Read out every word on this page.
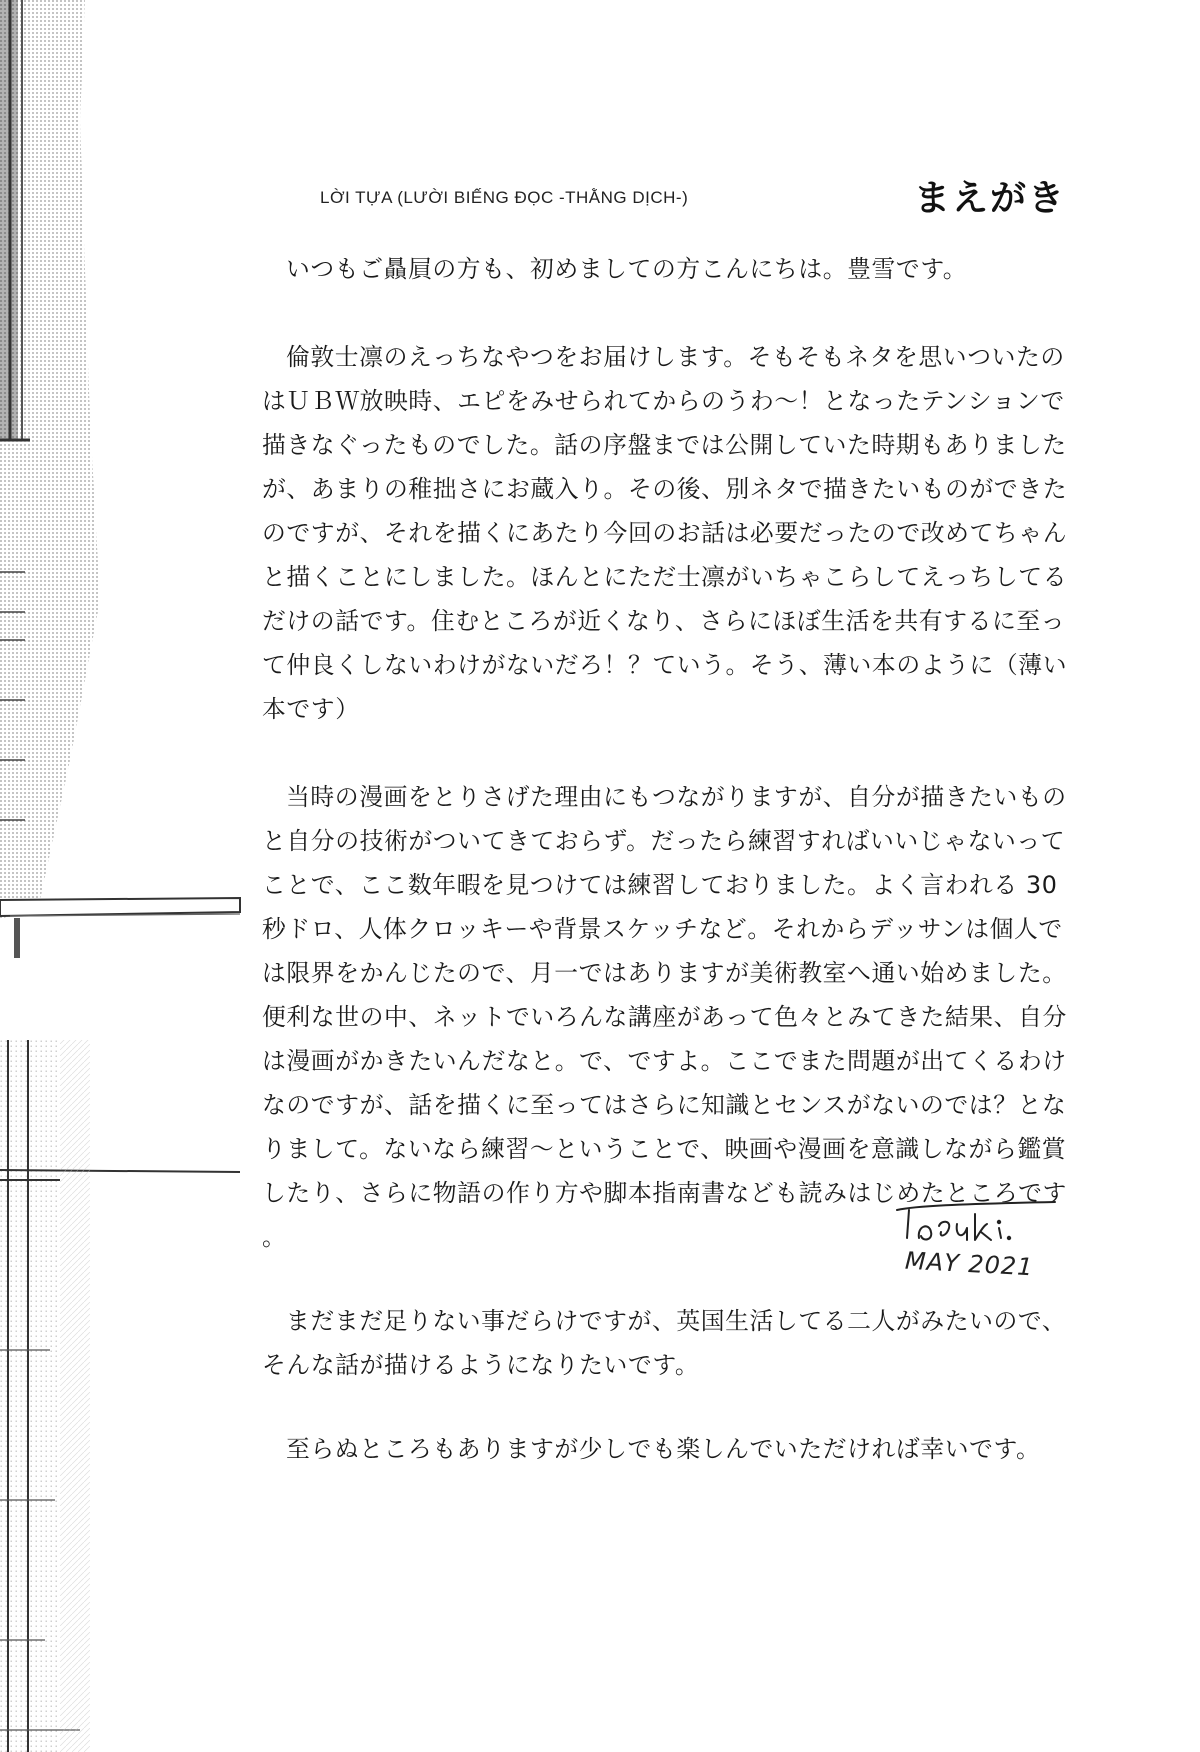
LỜI TỰA (LƯỜI BIẾNG ĐỌC -THẰNG DỊCH-)	まえがき

いつもご贔屓の方も、初めましての方こんにちは。豊雪です。

倫敦士凛のえっちなやつをお届けします。そもそもネタを思いついたのはＵＢＷ放映時、エピをみせられてからのうわ～！となったテンションで描きなぐったものでした。話の序盤までは公開していた時期もありましたが、あまりの稚拙さにお蔵入り。その後、別ネタで描きたいものができたのですが、それを描くにあたり今回のお話は必要だったので改めてちゃんと描くことにしました。ほんとにただ士凛がいちゃこらしてえっちしてるだけの話です。住むところが近くなり、さらにほぼ生活を共有するに至って仲良くしないわけがないだろ！？ていう。そう、薄い本のように（薄い本です）

当時の漫画をとりさげた理由にもつながりますが、自分が描きたいものと自分の技術がついてきておらず。だったら練習すればいいじゃないってことで、ここ数年暇を見つけては練習しておりました。よく言われる 30 秒ドロ、人体クロッキーや背景スケッチなど。それからデッサンは個人では限界をかんじたので、月一ではありますが美術教室へ通い始めました。便利な世の中、ネットでいろんな講座があって色々とみてきた結果、自分は漫画がかきたいんだなと。で、ですよ。ここでまた問題が出てくるわけなのですが、話を描くに至ってはさらに知識とセンスがないのでは？となりまして。ないなら練習～ということで、映画や漫画を意識しながら鑑賞したり、さらに物語の作り方や脚本指南書なども読みはじめたところです。

まだまだ足りない事だらけですが、英国生活してる二人がみたいので、そんな話が描けるようになりたいです。

至らぬところもありますが少しでも楽しんでいただければ幸いです。

MAY 2021
